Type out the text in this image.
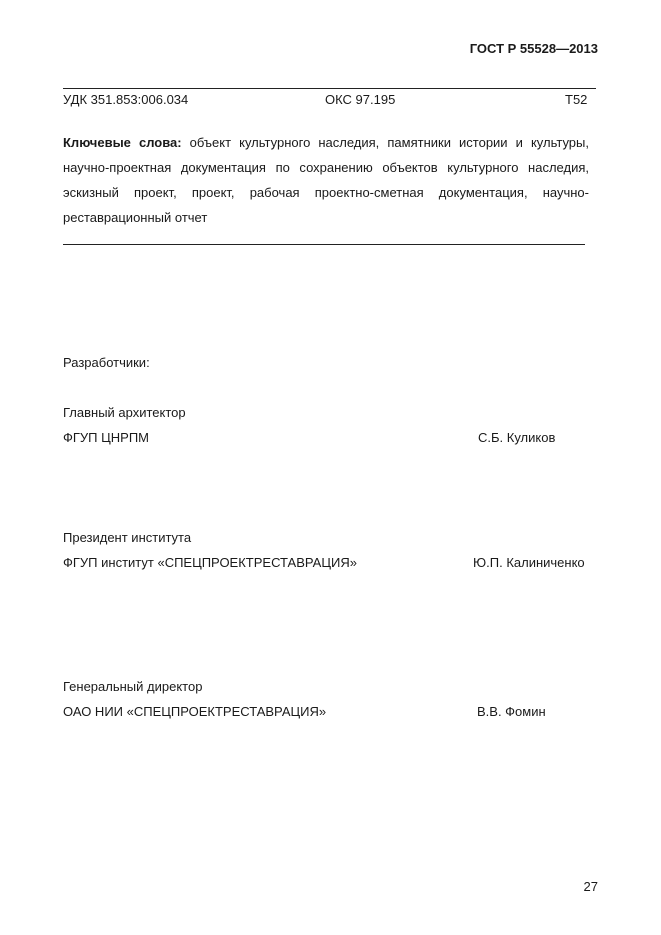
ГОСТ Р 55528—2013
УДК 351.853:006.034	ОКС 97.195	Т52
Ключевые слова: объект культурного наследия, памятники истории и культуры, научно-проектная документация по сохранению объектов культурного наследия, эскизный проект, проект, рабочая проектно-сметная документация, научно-реставрационный отчет
Разработчики:
Главный архитектор
ФГУП ЦНРПМ	С.Б. Куликов
Президент института
ФГУП институт «СПЕЦПРОЕКТРЕСТАВРАЦИЯ»	Ю.П. Калиниченко
Генеральный директор
ОАО НИИ «СПЕЦПРОЕКТРЕСТАВРАЦИЯ»	В.В. Фомин
27
